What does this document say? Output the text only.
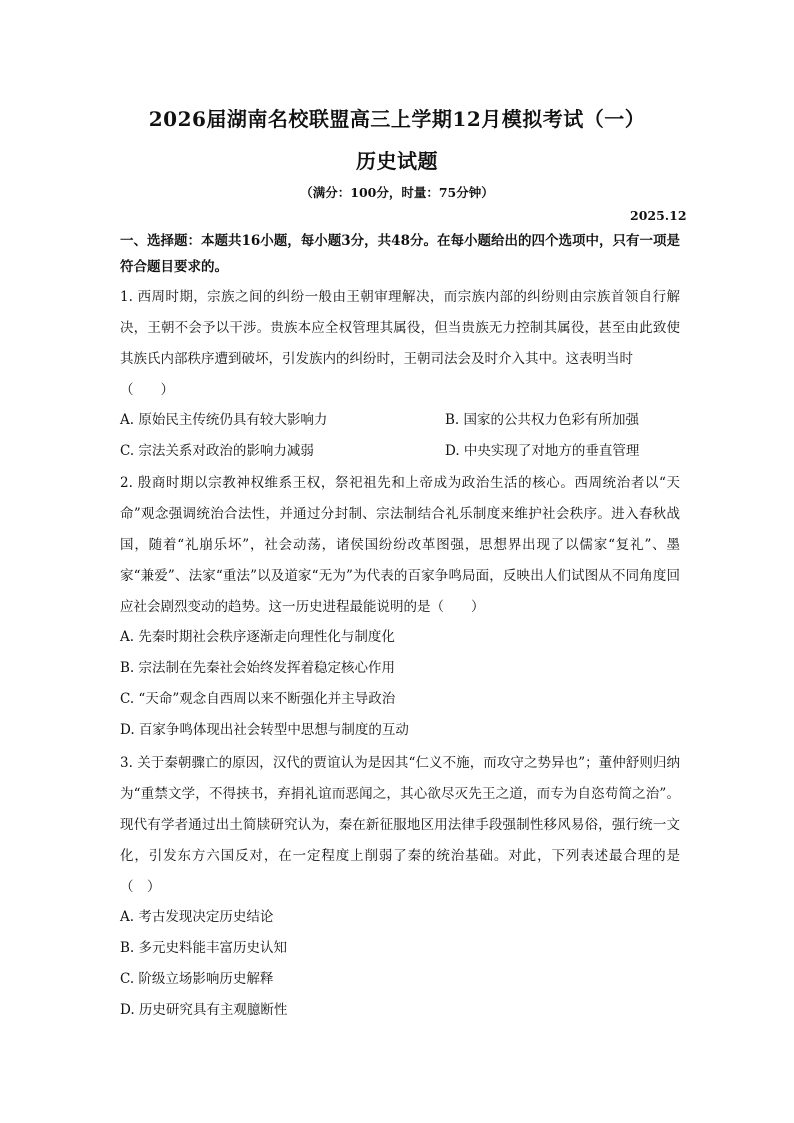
2026届湖南名校联盟高三上学期12月模拟考试（一）
历史试题
（满分：100分，时量：75分钟）
2025.12
一、选择题：本题共16小题，每小题3分，共48分。在每小题给出的四个选项中，只有一项是符合题目要求的。
1. 西周时期，宗族之间的纠纷一般由王朝审理解决，而宗族内部的纠纷则由宗族首领自行解决，王朝不会予以干涉。贵族本应全权管理其属役，但当贵族无力控制其属役，甚至由此致使其族氏内部秩序遭到破坏，引发族内的纠纷时，王朝司法会及时介入其中。这表明当时
（　　）
A. 原始民主传统仍具有较大影响力	B. 国家的公共权力色彩有所加强
C. 宗法关系对政治的影响力减弱	D. 中央实现了对地方的垂直管理
2. 殷商时期以宗教神权维系王权，祭祀祖先和上帝成为政治生活的核心。西周统治者以“天命”观念强调统治合法性，并通过分封制、宗法制结合礼乐制度来维护社会秩序。进入春秋战国，随着“礼崩乐坏”，社会动荡，诸侯国纷纷改革图强，思想界出现了以儒家“复礼”、墨家“兼爱”、法家“重法”以及道家“无为”为代表的百家争鸣局面，反映出人们试图从不同角度回应社会剧烈变动的趋势。这一历史进程最能说明的是（　　）
A. 先秦时期社会秩序逐渐走向理性化与制度化
B. 宗法制在先秦社会始终发挥着稳定核心作用
C. “天命”观念自西周以来不断强化并主导政治
D. 百家争鸣体现出社会转型中思想与制度的互动
3. 关于秦朝骤亡的原因，汉代的贾谊认为是因其“仁义不施，而攻守之势异也”；董仲舒则归纳为“重禁文学，不得挟书，弃捐礼谊而恶闻之，其心欲尽灭先王之道，而专为自恣苟简之治”。现代有学者通过出土简牍研究认为，秦在新征服地区用法律手段强制性移风易俗，强行统一文化，引发东方六国反对，在一定程度上削弱了秦的统治基础。对此，下列表述最合理的是（　）
A. 考古发现决定历史结论
B. 多元史料能丰富历史认知
C. 阶级立场影响历史解释
D. 历史研究具有主观臆断性
